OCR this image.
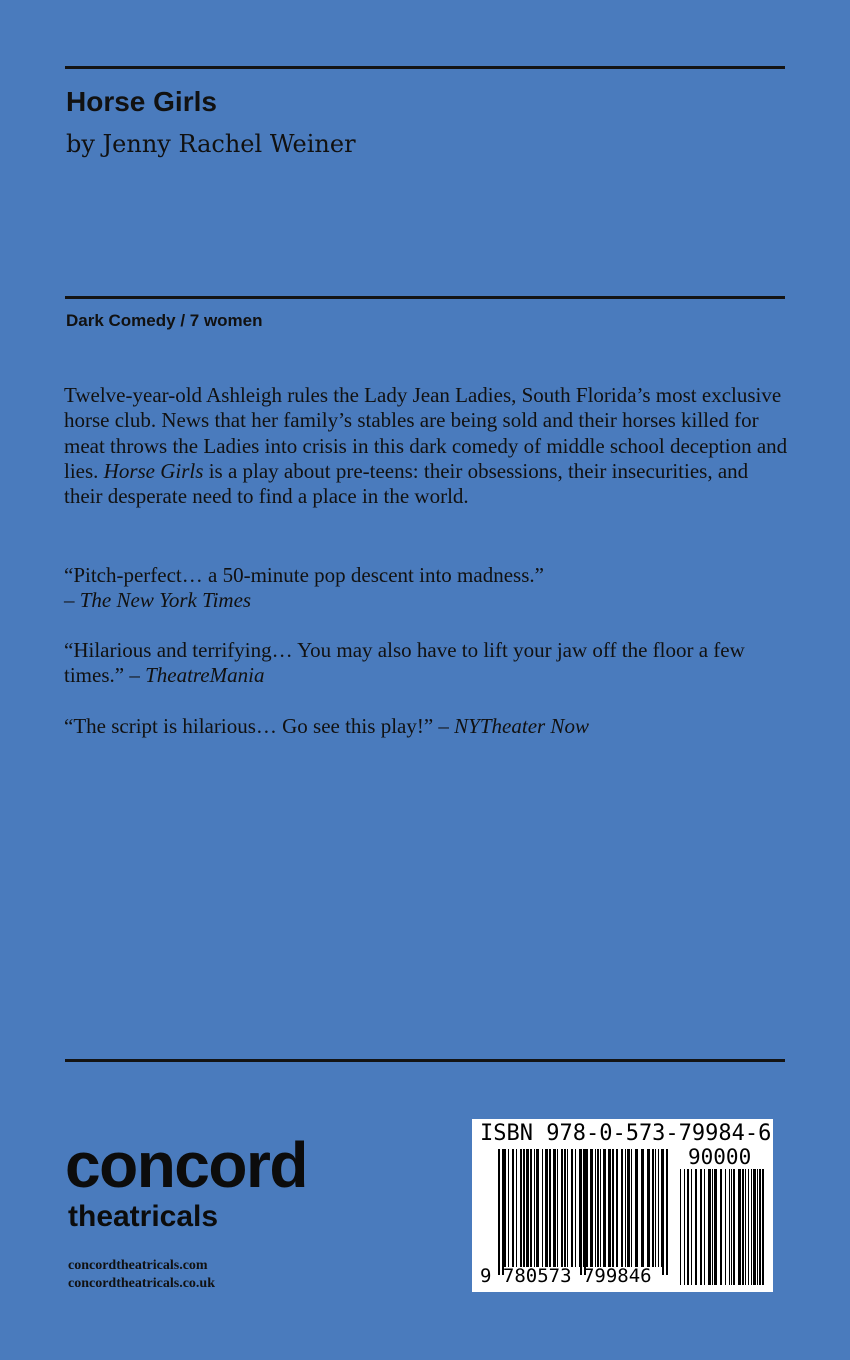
Horse Girls
by Jenny Rachel Weiner
Dark Comedy / 7 women
Twelve-year-old Ashleigh rules the Lady Jean Ladies, South Florida’s most exclusive horse club. News that her family’s stables are being sold and their horses killed for meat throws the Ladies into crisis in this dark comedy of middle school deception and lies. Horse Girls is a play about pre-teens: their obsessions, their insecurities, and their desperate need to find a place in the world.
“Pitch-perfect… a 50-minute pop descent into madness.”
– The New York Times
“Hilarious and terrifying… You may also have to lift your jaw off the floor a few times.” – TheatreMania
“The script is hilarious… Go see this play!” – NYTheater Now
concord
theatricals
concordtheatricals.com
concordtheatricals.co.uk
ISBN 978-0-573-79984-6
90000
9 780573 799846
